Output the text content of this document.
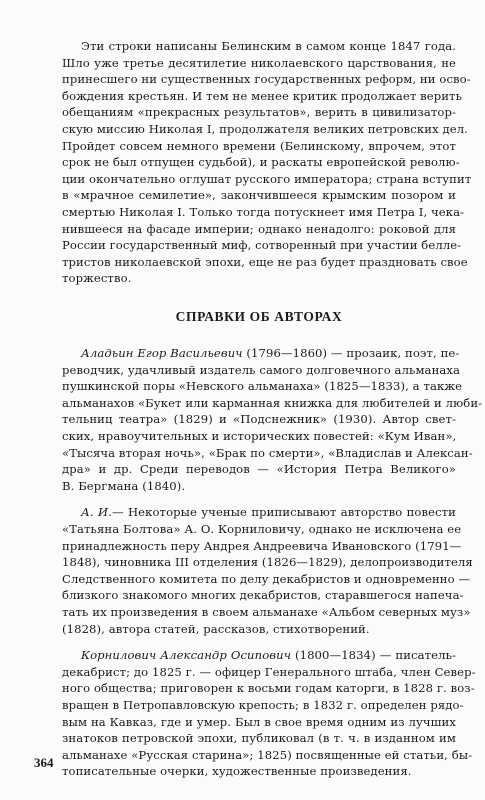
Эти строки написаны Белинским в самом конце 1847 года.
Шло уже третье десятилетие николаевского царствования, не
принесшего ни существенных государственных реформ, ни осво-
бождения крестьян. И тем не менее критик продолжает верить
обещаниям «прекрасных результатов», верить в цивилизатор-
скую миссию Николая I, продолжателя великих петровских дел.
Пройдет совсем немного времени (Белинскому, впрочем, этот
срок не был отпущен судьбой), и раскаты европейской револю-
ции окончательно оглушат русского императора; страна вступит
в «мрачное семилетие», закончившееся крымским позором и
смертью Николая I. Только тогда потускнеет имя Петра I, чека-
нившееся на фасаде империи; однако ненадолго: роковой для
России государственный миф, сотворенный при участии беллe-
тристов николаевской эпохи, еще не раз будет праздновать свое
торжество.
СПРАВКИ ОБ АВТОРАХ
Аладьин Егор Васильевич (1796—1860) — прозаик, поэт, пе-
реводчик, удачливый издатель самого долговечного альманаха
пушкинской поры «Невского альманаха» (1825—1833), а также
альманахов «Букет или карманная книжка для любителей и люби-
тельниц театра» (1829) и «Подснежник» (1930). Автор свет-
ских, нравоучительных и исторических повестей: «Кум Иван»,
«Тысяча вторая ночь», «Брак по смерти», «Владислав и Алексан-
дра» и др. Среди переводов — «История Петра Великого»
В. Бергмана (1840).
А. И.— Некоторые ученые приписывают авторство повести
«Татьяна Болтова» А. О. Корниловичу, однако не исключена ее
принадлежность перу Андрея Андреевича Ивановского (1791—
1848), чиновника III отделения (1826—1829), делопроизводителя
Следственного комитета по делу декабристов и одновременно —
близкого знакомого многих декабристов, старавшегося напеча-
тать их произведения в своем альманахе «Альбом северных муз»
(1828), автора статей, рассказов, стихотворений.
Корнилович Александр Осипович (1800—1834) — писатель-
декабрист; до 1825 г. — офицер Генерального штаба, член Север-
ного общества; приговорен к восьми годам каторги, в 1828 г. воз-
вращен в Петропавловскую крепость; в 1832 г. определен рядо-
вым на Кавказ, где и умер. Был в свое время одним из лучших
знатоков петровской эпохи, публиковал (в т. ч. в изданном им
альманахе «Русская старина»; 1825) посвященные ей статьи, бы-
тописательные очерки, художественные произведения.
364
